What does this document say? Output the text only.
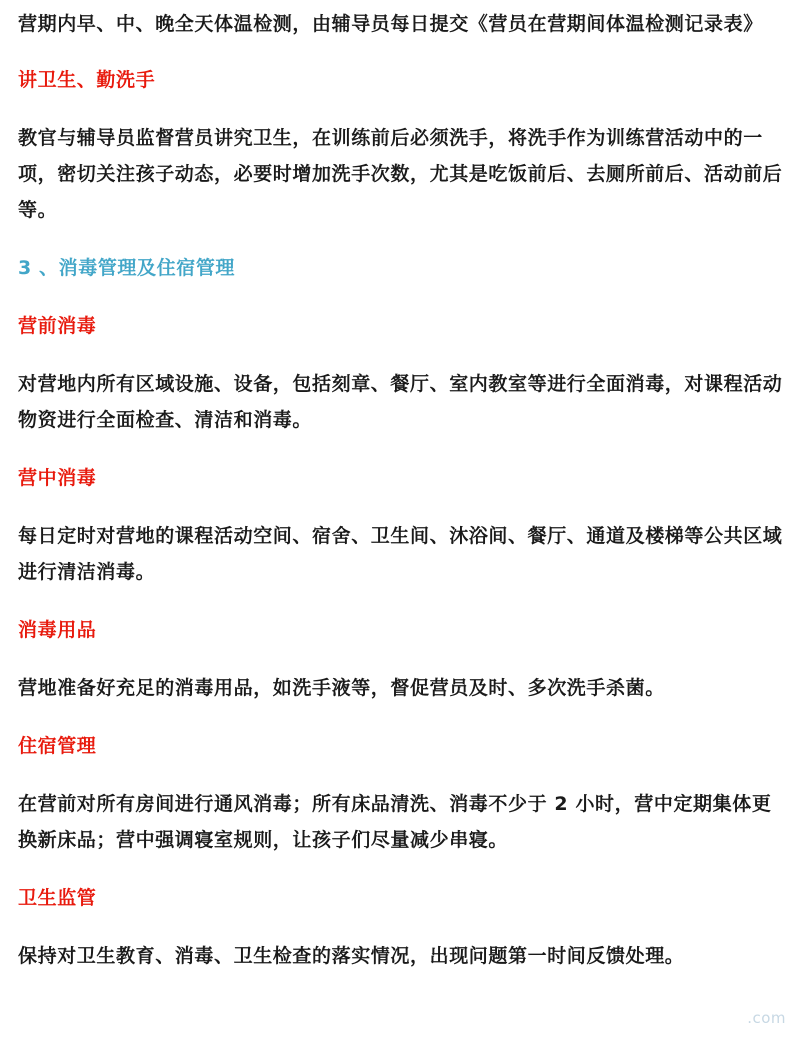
营期内早、中、晚全天体温检测，由辅导员每日提交《营员在营期间体温检测记录表》

讲卫生、勤洗手

教官与辅导员监督营员讲究卫生，在训练前后必须洗手，将洗手作为训练营活动中的一项，密切关注孩子动态，必要时增加洗手次数，尤其是吃饭前后、去厕所前后、活动前后等。

3 、消毒管理及住宿管理

营前消毒

对营地内所有区域设施、设备，包括刻章、餐厅、室内教室等进行全面消毒，对课程活动物资进行全面检查、清洁和消毒。

营中消毒

每日定时对营地的课程活动空间、宿舍、卫生间、沐浴间、餐厅、通道及楼梯等公共区域进行清洁消毒。

消毒用品

营地准备好充足的消毒用品，如洗手液等，督促营员及时、多次洗手杀菌。

住宿管理

在营前对所有房间进行通风消毒；所有床品清洗、消毒不少于 2 小时，营中定期集体更换新床品；营中强调寝室规则，让孩子们尽量减少串寝。

卫生监管

保持对卫生教育、消毒、卫生检查的落实情况，出现问题第一时间反馈处理。

.com
